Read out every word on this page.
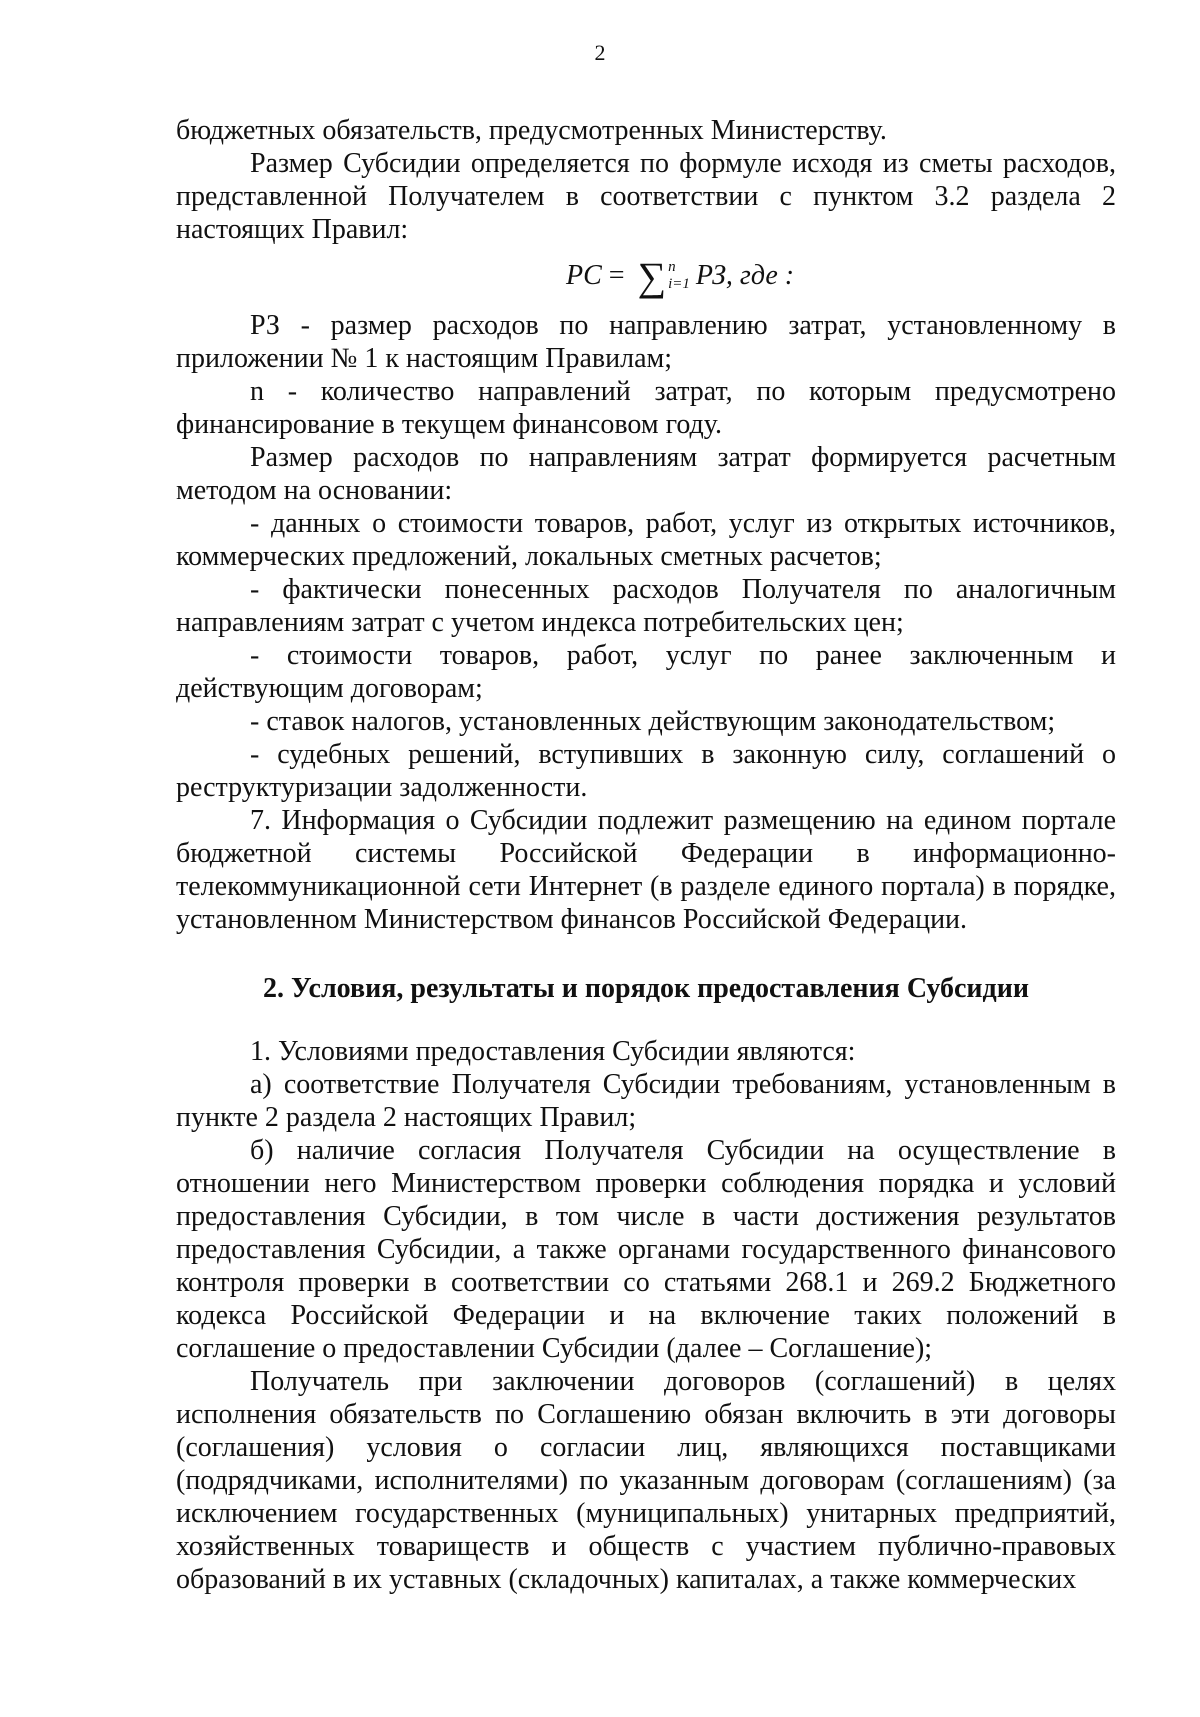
2

бюджетных обязательств, предусмотренных Министерству.

Размер Субсидии определяется по формуле исходя из сметы расходов, представленной Получателем в соответствии с пунктом 3.2 раздела 2 настоящих Правил:

PC = ∑ n
i=1 РЗ, где :

РЗ - размер расходов по направлению затрат, установленному в приложении № 1 к настоящим Правилам;

n - количество направлений затрат, по которым предусмотрено финансирование в текущем финансовом году.

Размер расходов по направлениям затрат формируется расчетным методом на основании:

- данных о стоимости товаров, работ, услуг из открытых источников, коммерческих предложений, локальных сметных расчетов;

- фактически понесенных расходов Получателя по аналогичным направлениям затрат с учетом индекса потребительских цен;

- стоимости товаров, работ, услуг по ранее заключенным и действующим договорам;

- ставок налогов, установленных действующим законодательством;

- судебных решений, вступивших в законную силу, соглашений о реструктуризации задолженности.

7. Информация о Субсидии подлежит размещению на едином портале бюджетной системы Российской Федерации в информационно-телекоммуникационной сети Интернет (в разделе единого портала) в порядке, установленном Министерством финансов Российской Федерации.

2. Условия, результаты и порядок предоставления Субсидии

1. Условиями предоставления Субсидии являются:

а) соответствие Получателя Субсидии требованиям, установленным в пункте 2 раздела 2 настоящих Правил;

б) наличие согласия Получателя Субсидии на осуществление в отношении него Министерством проверки соблюдения порядка и условий предоставления Субсидии, в том числе в части достижения результатов предоставления Субсидии, а также органами государственного финансового контроля проверки в соответствии со статьями 268.1 и 269.2 Бюджетного кодекса Российской Федерации и на включение таких положений в соглашение о предоставлении Субсидии (далее – Соглашение);

Получатель при заключении договоров (соглашений) в целях исполнения обязательств по Соглашению обязан включить в эти договоры (соглашения) условия о согласии лиц, являющихся поставщиками (подрядчиками, исполнителями) по указанным договорам (соглашениям) (за исключением государственных (муниципальных) унитарных предприятий, хозяйственных товариществ и обществ с участием публично-правовых образований в их уставных (складочных) капиталах, а также коммерческих
